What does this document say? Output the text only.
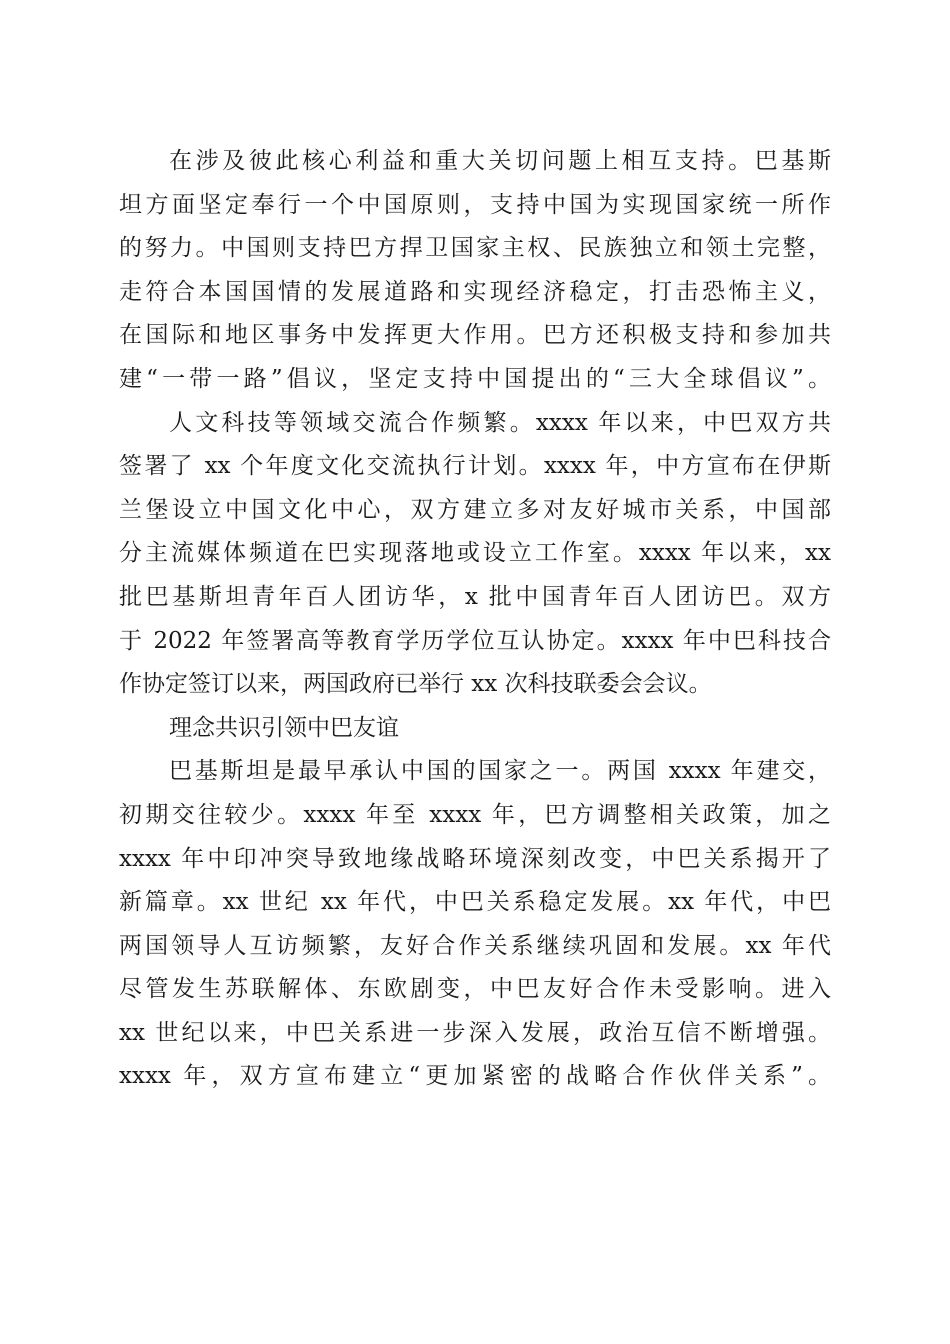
在涉及彼此核心利益和重大关切问题上相互支持。巴基斯
坦方面坚定奉行一个中国原则，支持中国为实现国家统一所作
的努力。中国则支持巴方捍卫国家主权、民族独立和领土完整，
走符合本国国情的发展道路和实现经济稳定，打击恐怖主义，
在国际和地区事务中发挥更大作用。巴方还积极支持和参加共
建“一带一路”倡议，坚定支持中国提出的“三大全球倡议”。
人文科技等领域交流合作频繁。xxxx 年以来，中巴双方共
签署了 xx 个年度文化交流执行计划。xxxx 年，中方宣布在伊斯
兰堡设立中国文化中心，双方建立多对友好城市关系，中国部
分主流媒体频道在巴实现落地或设立工作室。xxxx 年以来，xx
批巴基斯坦青年百人团访华，x 批中国青年百人团访巴。双方
于 2022 年签署高等教育学历学位互认协定。xxxx 年中巴科技合
作协定签订以来，两国政府已举行 xx 次科技联委会会议。
理念共识引领中巴友谊
巴基斯坦是最早承认中国的国家之一。两国 xxxx 年建交，
初期交往较少。xxxx 年至 xxxx 年，巴方调整相关政策，加之
xxxx 年中印冲突导致地缘战略环境深刻改变，中巴关系揭开了
新篇章。xx 世纪 xx 年代，中巴关系稳定发展。xx 年代，中巴
两国领导人互访频繁，友好合作关系继续巩固和发展。xx 年代
尽管发生苏联解体、东欧剧变，中巴友好合作未受影响。进入
xx 世纪以来，中巴关系进一步深入发展，政治互信不断增强。
xxxx 年，双方宣布建立“更加紧密的战略合作伙伴关系”。
